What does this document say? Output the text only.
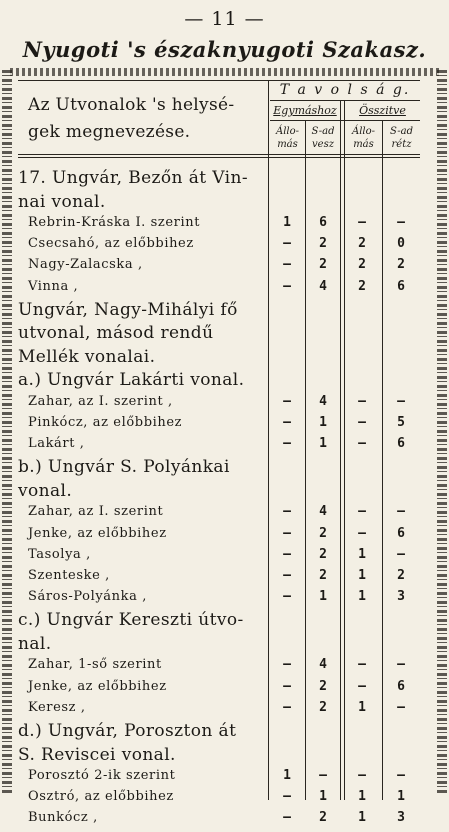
— 11 —
Nyugoti 's északnyugoti Szakasz.
Az Utvonalok 's helysé-gek megnevezése.
T a v o l s á g.
Egymáshoz	Összitve
Állo-más
S-ad vesz
Állo-más
S-ad rétz
17. Ungvár, Bezőn át Vin-
nai vonal.
Rebrin-Kráska I. szerint	1	6	—	—
Csecsahó, az előbbihez	—	2	2	0
Nagy-Zalacska ,	—	2	2	2
Vinna ,	—	4	2	6
Ungvár, Nagy-Mihályi fő
utvonal, másod rendű
Mellék vonalai.
a.) Ungvár Lakárti vonal.
Zahar, az I. szerint ,	—	4	—	—
Pinkócz, az előbbihez	—	1	—	5
Lakárt ,	—	1	—	6
b.) Ungvár S. Polyánkai
vonal.
Zahar, az I. szerint	—	4	—	—
Jenke, az előbbihez	—	2	—	6
Tasolya ,	—	2	1	—
Szenteske ,	—	2	1	2
Sáros-Polyánka ,	—	1	1	3
c.) Ungvár Kereszti útvo-
nal.
Zahar, 1-ső szerint	—	4	—	—
Jenke, az előbbihez	—	2	—	6
Keresz ,	—	2	1	—
d.) Ungvár, Poroszton át
S. Reviscei vonal.
Porosztó 2-ik szerint	1	—	—	—
Osztró, az előbbihez	—	1	1	1
Bunkócz ,	—	2	1	3
